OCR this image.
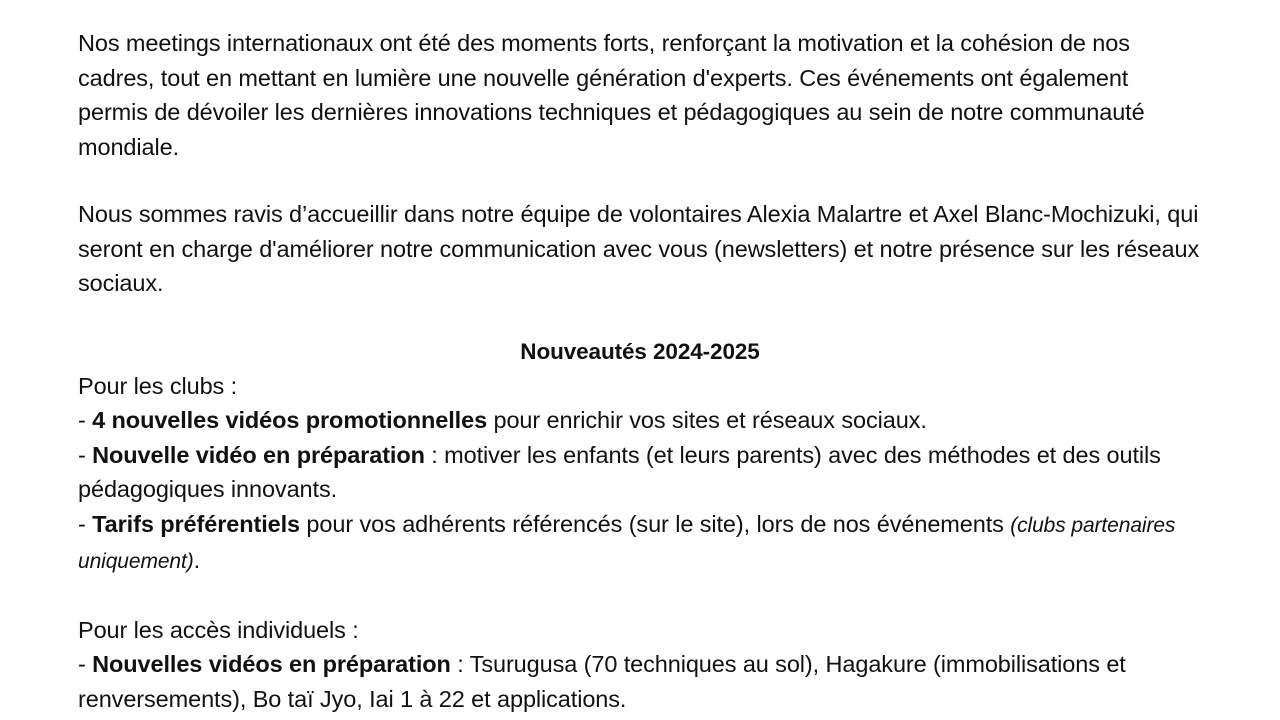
Nos meetings internationaux ont été des moments forts, renforçant la motivation et la cohésion de nos cadres, tout en mettant en lumière une nouvelle génération d'experts. Ces événements ont également permis de dévoiler les dernières innovations techniques et pédagogiques au sein de notre communauté mondiale.

Nous sommes ravis d’accueillir dans notre équipe de volontaires Alexia Malartre et Axel Blanc-Mochizuki, qui seront en charge d'améliorer notre communication avec vous (newsletters) et notre présence sur les réseaux sociaux.

Nouveautés 2024-2025

Pour les clubs :
- 4 nouvelles vidéos promotionnelles pour enrichir vos sites et réseaux sociaux.
- Nouvelle vidéo en préparation : motiver les enfants (et leurs parents) avec des méthodes et des outils pédagogiques innovants.
- Tarifs préférentiels pour vos adhérents référencés (sur le site), lors de nos événements (clubs partenaires uniquement).
Pour les accès individuels :
- Nouvelles vidéos en préparation : Tsurugusa (70 techniques au sol), Hagakure (immobilisations et renversements), Bo taï Jyo, Iai 1 à 22 et applications.
